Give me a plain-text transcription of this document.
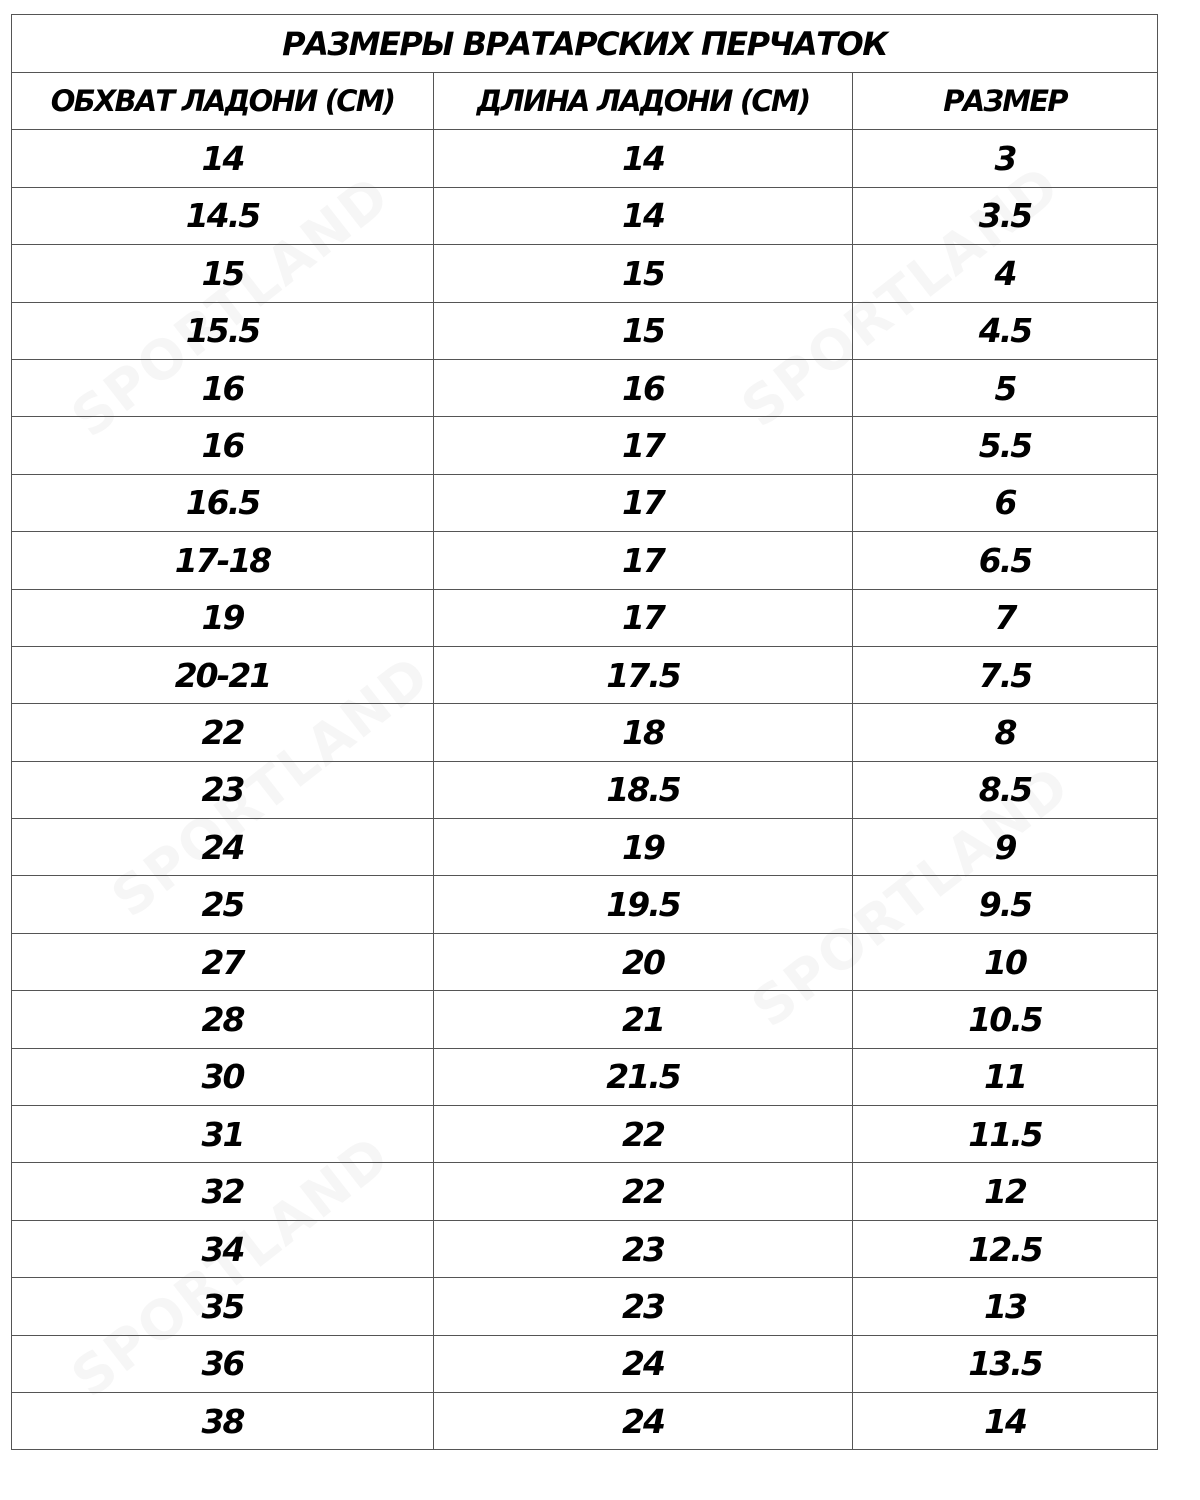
РАЗМЕРЫ ВРАТАРСКИХ ПЕРЧАТОК		
ОБХВАТ ЛАДОНИ (СМ)	ДЛИНА ЛАДОНИ (СМ)	РАЗМЕР
14	14	3
14.5	14	3.5
15	15	4
15.5	15	4.5
16	16	5
16	17	5.5
16.5	17	6
17-18	17	6.5
19	17	7
20-21	17.5	7.5
22	18	8
23	18.5	8.5
24	19	9
25	19.5	9.5
27	20	10
28	21	10.5
30	21.5	11
31	22	11.5
32	22	12
34	23	12.5
35	23	13
36	24	13.5
38	24	14
